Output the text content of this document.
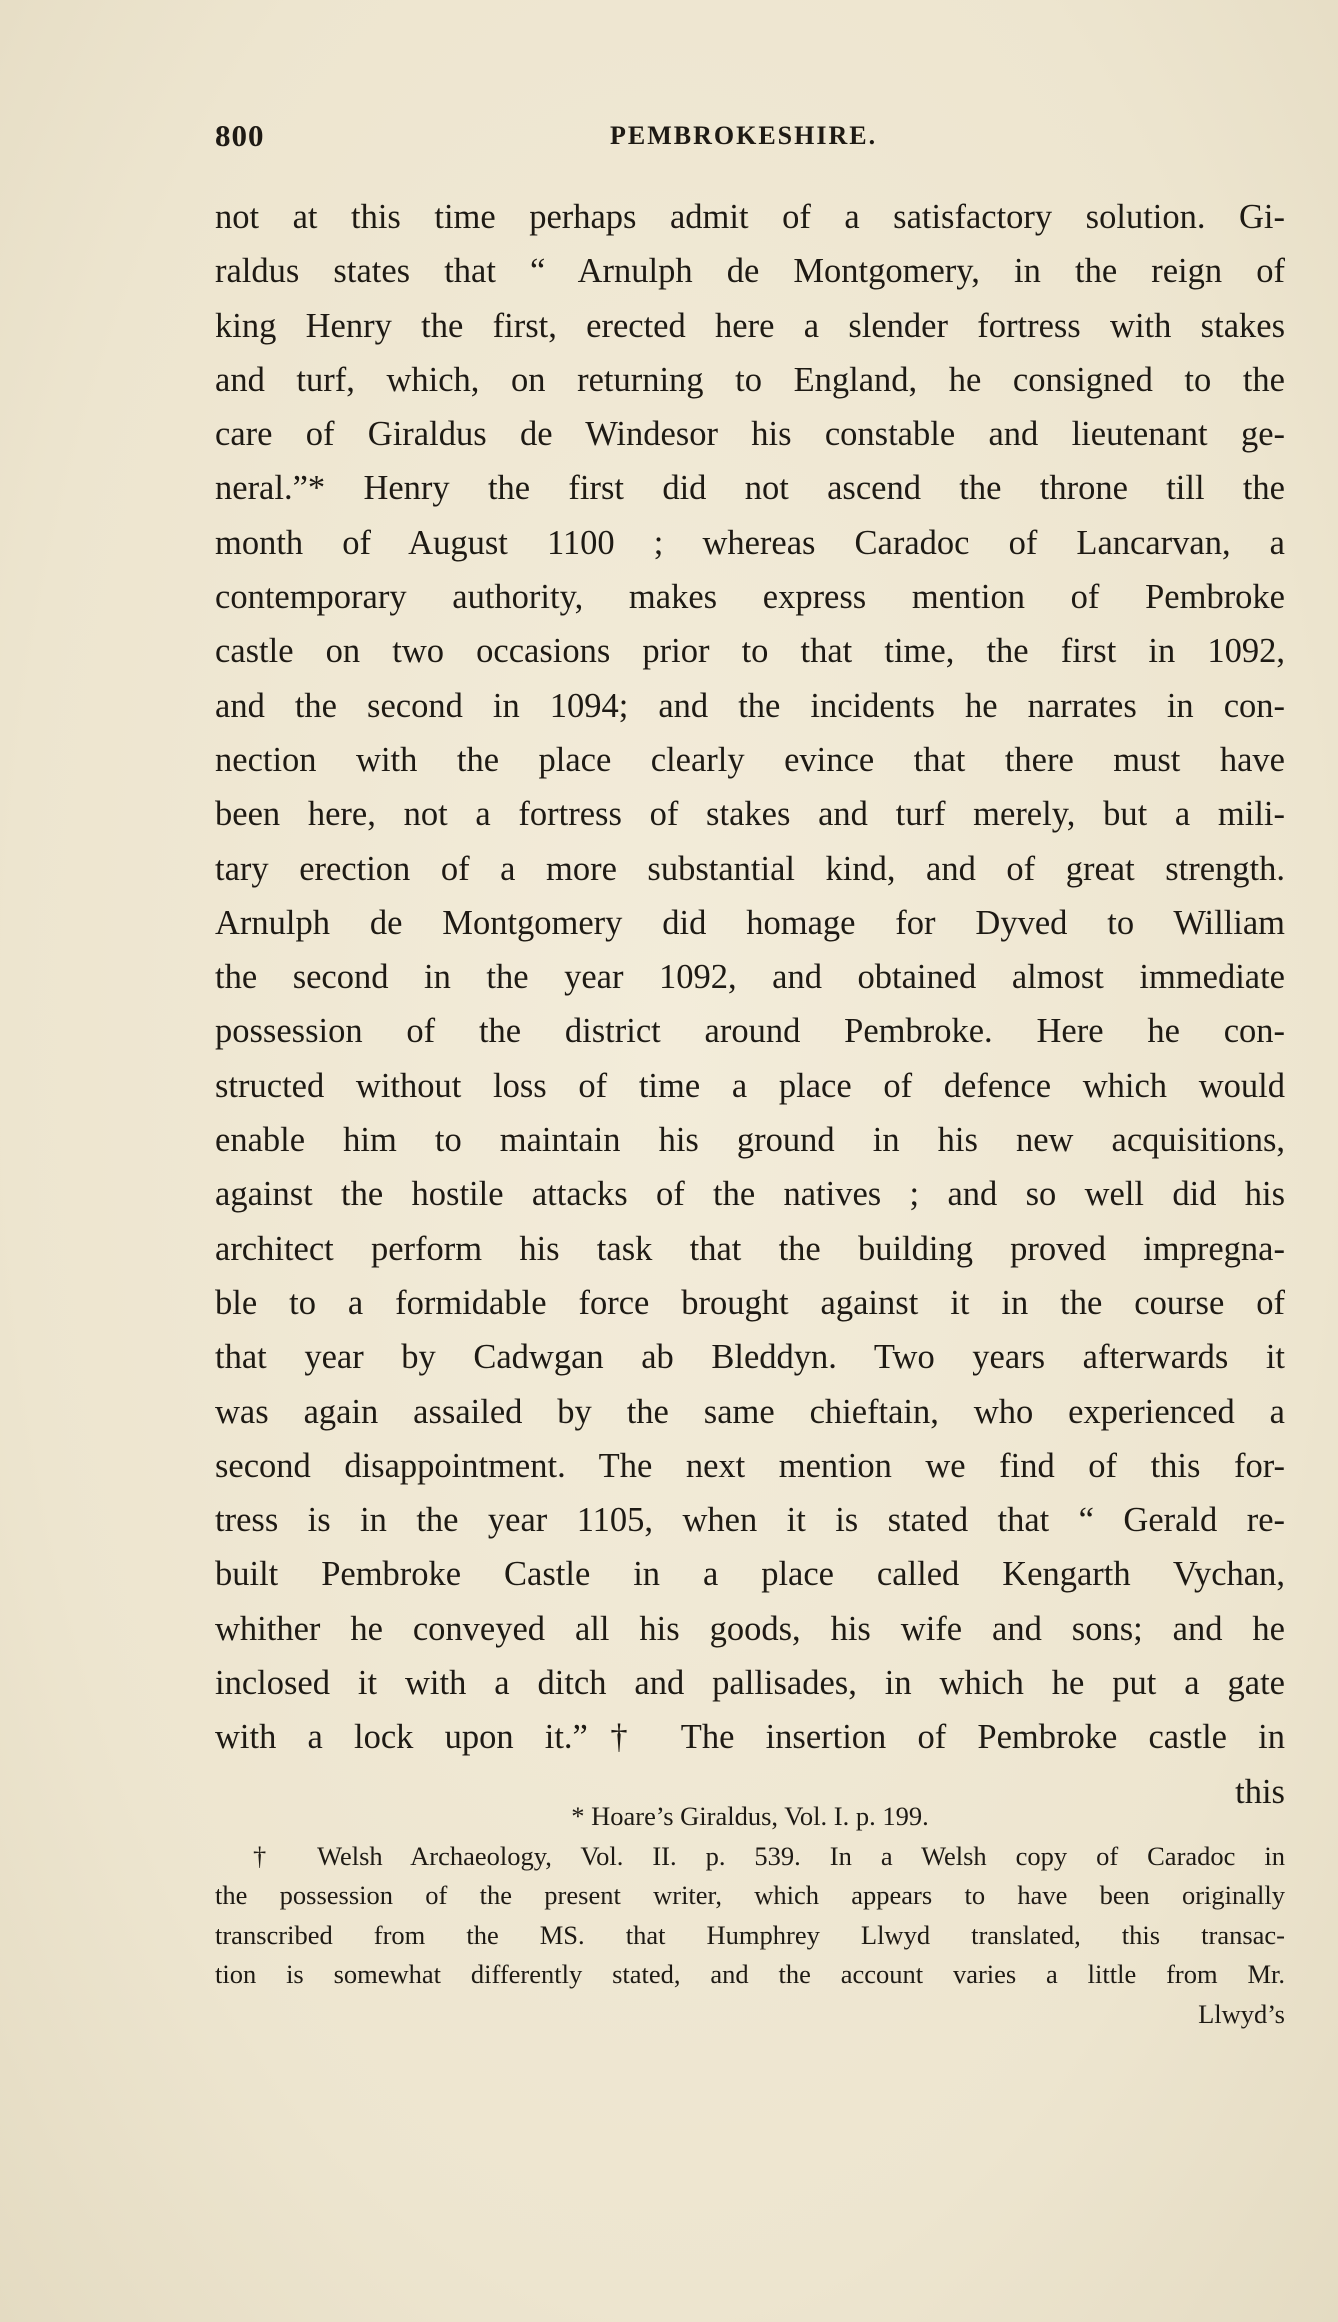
800	PEMBROKESHIRE.
not at this time perhaps admit of a satisfactory solution. Gi-
raldus states that “ Arnulph de Montgomery, in the reign of
king Henry the first, erected here a slender fortress with stakes
and turf, which, on returning to England, he consigned to the
care of Giraldus de Windesor his constable and lieutenant ge-
neral.”* Henry the first did not ascend the throne till the
month of August 1100 ; whereas Caradoc of Lancarvan, a
contemporary authority, makes express mention of Pembroke
castle on two occasions prior to that time, the first in 1092,
and the second in 1094; and the incidents he narrates in con-
nection with the place clearly evince that there must have
been here, not a fortress of stakes and turf merely, but a mili-
tary erection of a more substantial kind, and of great strength.
Arnulph de Montgomery did homage for Dyved to William
the second in the year 1092, and obtained almost immediate
possession of the district around Pembroke. Here he con-
structed without loss of time a place of defence which would
enable him to maintain his ground in his new acquisitions,
against the hostile attacks of the natives ; and so well did his
architect perform his task that the building proved impregna-
ble to a formidable force brought against it in the course of
that year by Cadwgan ab Bleddyn. Two years afterwards it
was again assailed by the same chieftain, who experienced a
second disappointment. The next mention we find of this for-
tress is in the year 1105, when it is stated that “ Gerald re-
built Pembroke Castle in a place called Kengarth Vychan,
whither he conveyed all his goods, his wife and sons; and he
inclosed it with a ditch and pallisades, in which he put a gate
with a lock upon it.”† The insertion of Pembroke castle in
this
* Hoare’s Giraldus, Vol. I. p. 199.
† Welsh Archaeology, Vol. II. p. 539. In a Welsh copy of Caradoc in
the possession of the present writer, which appears to have been originally
transcribed from the MS. that Humphrey Llwyd translated, this transac-
tion is somewhat differently stated, and the account varies a little from Mr.
Llwyd’s
